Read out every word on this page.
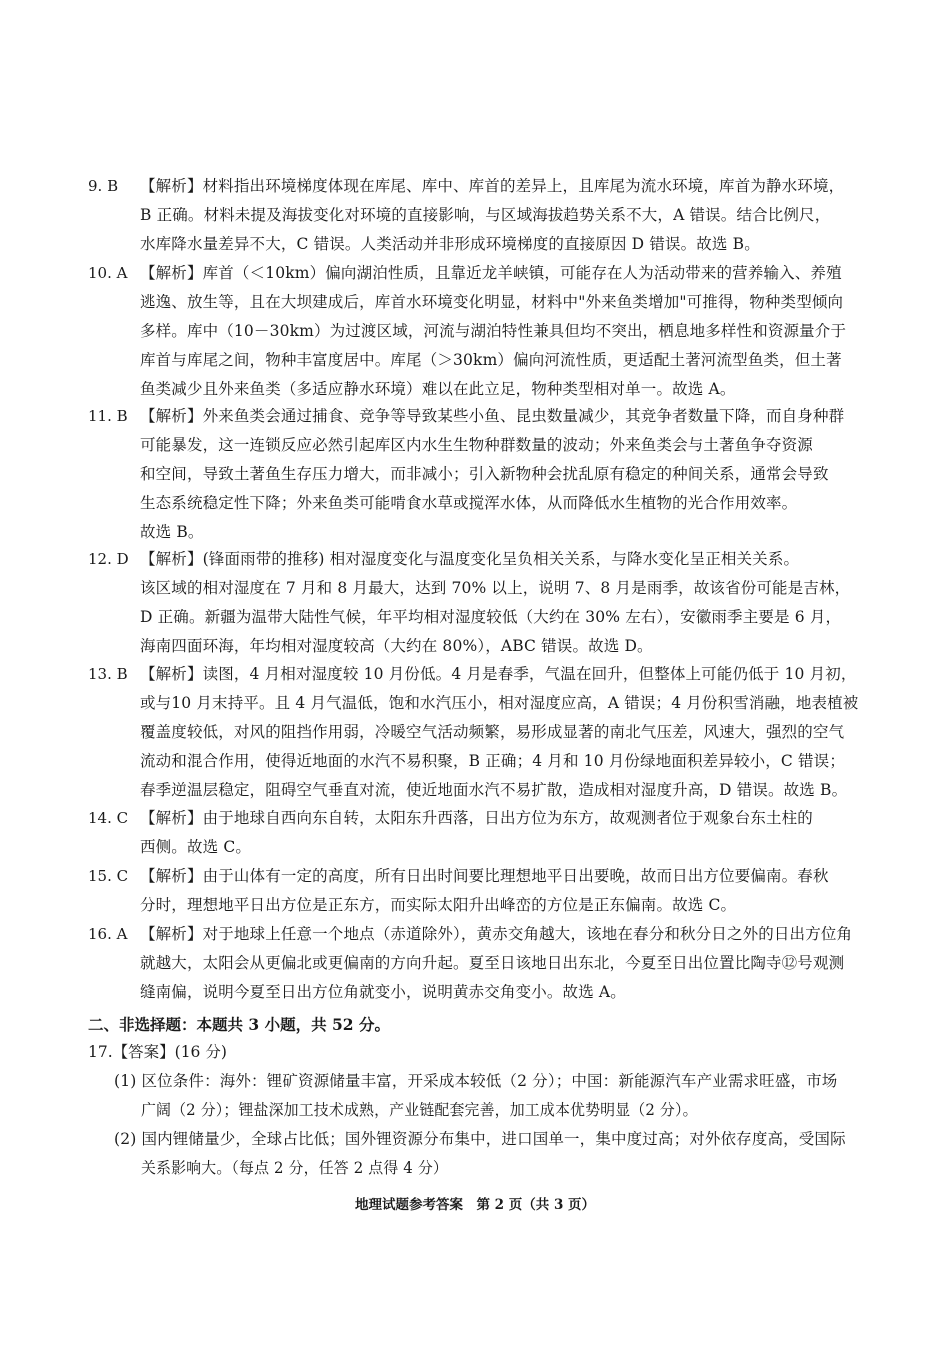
9. B	【解析】材料指出环境梯度体现在库尾、库中、库首的差异上，且库尾为流水环境，库首为静水环境，
B 正确。材料未提及海拔变化对环境的直接影响，与区域海拔趋势关系不大，A 错误。结合比例尺，
水库降水量差异不大，C 错误。人类活动并非形成环境梯度的直接原因 D 错误。故选 B。
10. A 【解析】库首（＜10km）偏向湖泊性质，且靠近龙羊峡镇，可能存在人为活动带来的营养输入、养殖
逃逸、放生等，且在大坝建成后，库首水环境变化明显，材料中"外来鱼类增加"可推得，物种类型倾向
多样。库中（10－30km）为过渡区域，河流与湖泊特性兼具但均不突出，栖息地多样性和资源量介于
库首与库尾之间，物种丰富度居中。库尾（＞30km）偏向河流性质，更适配土著河流型鱼类，但土著
鱼类减少且外来鱼类（多适应静水环境）难以在此立足，物种类型相对单一。故选 A。
11. B 【解析】外来鱼类会通过捕食、竞争等导致某些小鱼、昆虫数量减少，其竞争者数量下降，而自身种群
可能暴发，这一连锁反应必然引起库区内水生生物种群数量的波动；外来鱼类会与土著鱼争夺资源
和空间，导致土著鱼生存压力增大，而非减小；引入新物种会扰乱原有稳定的种间关系，通常会导致
生态系统稳定性下降；外来鱼类可能啃食水草或搅浑水体，从而降低水生植物的光合作用效率。
故选 B。
12. D 【解析】(锋面雨带的推移) 相对湿度变化与温度变化呈负相关关系，与降水变化呈正相关关系。
该区域的相对湿度在 7 月和 8 月最大，达到 70% 以上，说明 7、8 月是雨季，故该省份可能是吉林，
D 正确。新疆为温带大陆性气候，年平均相对湿度较低（大约在 30% 左右），安徽雨季主要是 6 月，
海南四面环海，年均相对湿度较高（大约在 80%），ABC 错误。故选 D。
13. B 【解析】读图，4 月相对湿度较 10 月份低。4 月是春季，气温在回升，但整体上可能仍低于 10 月初，
或与10 月末持平。且 4 月气温低，饱和水汽压小，相对湿度应高，A 错误；4 月份积雪消融，地表植被
覆盖度较低，对风的阻挡作用弱，冷暖空气活动频繁，易形成显著的南北气压差，风速大，强烈的空气
流动和混合作用，使得近地面的水汽不易积聚，B 正确；4 月和 10 月份绿地面积差异较小，C 错误；
春季逆温层稳定，阻碍空气垂直对流，使近地面水汽不易扩散，造成相对湿度升高，D 错误。故选 B。
14. C 【解析】由于地球自西向东自转，太阳东升西落，日出方位为东方，故观测者位于观象台东土柱的
西侧。故选 C。
15. C 【解析】由于山体有一定的高度，所有日出时间要比理想地平日出要晚，故而日出方位要偏南。春秋
分时，理想地平日出方位是正东方，而实际太阳升出峰峦的方位是正东偏南。故选 C。
16. A 【解析】对于地球上任意一个地点（赤道除外），黄赤交角越大，该地在春分和秋分日之外的日出方位角
就越大，太阳会从更偏北或更偏南的方向升起。夏至日该地日出东北，今夏至日出位置比陶寺⑫号观测
缝南偏，说明今夏至日出方位角就变小，说明黄赤交角变小。故选 A。
二、非选择题：本题共 3 小题，共 52 分。
17.【答案】(16 分)
(1) 区位条件：海外：锂矿资源储量丰富，开采成本较低（2 分）；中国：新能源汽车产业需求旺盛，市场
广阔（2 分）；锂盐深加工技术成熟，产业链配套完善，加工成本优势明显（2 分）。
(2) 国内锂储量少，全球占比低；国外锂资源分布集中，进口国单一，集中度过高；对外依存度高，受国际
关系影响大。（每点 2 分，任答 2 点得 4 分）
地理试题参考答案　第 2 页（共 3 页）
